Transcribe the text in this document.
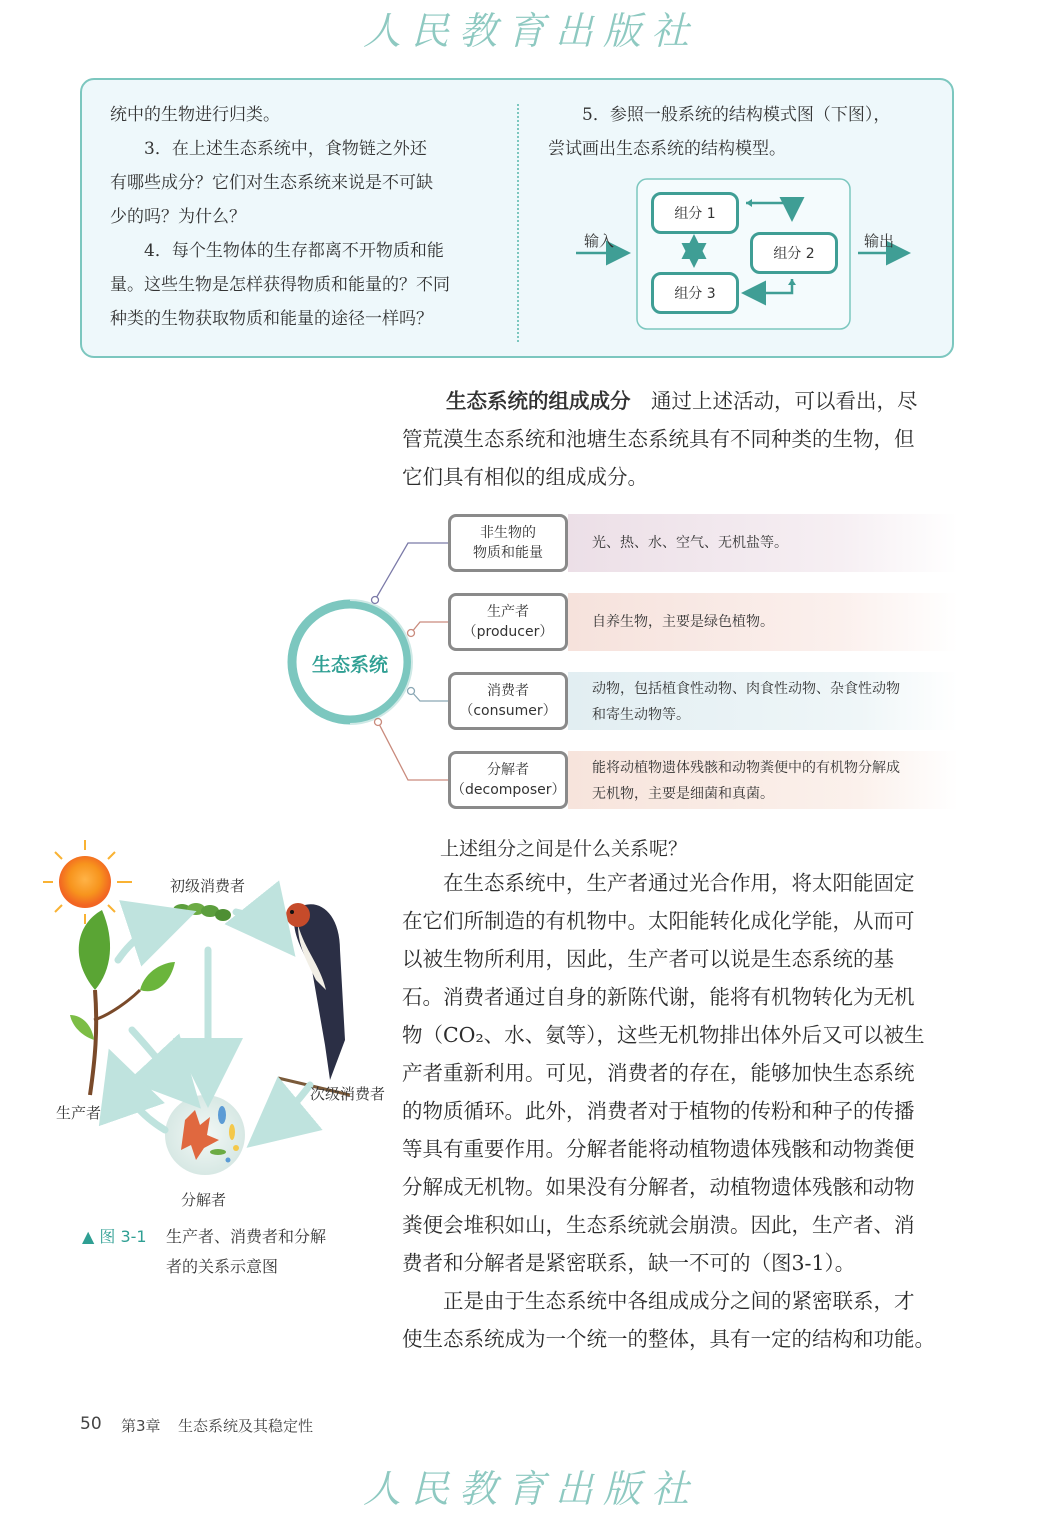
人民教育出版社
统中的生物进行归类。
　　3．在上述生态系统中，食物链之外还
有哪些成分？它们对生态系统来说是不可缺
少的吗？为什么？
　　4．每个生物体的生存都离不开物质和能
量。这些生物是怎样获得物质和能量的？不同
种类的生物获取物质和能量的途径一样吗？
　　5．参照一般系统的结构模式图（下图），
尝试画出生态系统的结构模型。
输入	输出
组分 1
组分 2
组分 3
生态系统的组成成分　 通过上述活动，可以看出，尽
管荒漠生态系统和池塘生态系统具有不同种类的生物，但
它们具有相似的组成成分。
生态系统
光、热、水、空气、无机盐等。
非生物的
物质和能量
自养生物，主要是绿色植物。
生产者
（producer）
动物，包括植食性动物、肉食性动物、杂食性动物
和寄生动物等。
消费者
（consumer）
能将动植物遗体残骸和动物粪便中的有机物分解成
无机物，主要是细菌和真菌。
分解者
（decomposer）
初级消费者
次级消费者
生产者
分解者
▲ 图 3-1 生产者、消费者和分解
者的关系示意图
　　上述组分之间是什么关系呢？
　　在生态系统中，生产者通过光合作用，将太阳能固定
在它们所制造的有机物中。太阳能转化成化学能，从而可
以被生物所利用，因此，生产者可以说是生态系统的基
石。消费者通过自身的新陈代谢，能将有机物转化为无机
物（CO₂、水、氨等），这些无机物排出体外后又可以被生
产者重新利用。可见，消费者的存在，能够加快生态系统
的物质循环。此外，消费者对于植物的传粉和种子的传播
等具有重要作用。分解者能将动植物遗体残骸和动物粪便
分解成无机物。如果没有分解者，动植物遗体残骸和动物
粪便会堆积如山，生态系统就会崩溃。因此，生产者、消
费者和分解者是紧密联系，缺一不可的（图3-1）。
　　正是由于生态系统中各组成成分之间的紧密联系，才
使生态系统成为一个统一的整体，具有一定的结构和功能。
50 第3章 生态系统及其稳定性
人民教育出版社
